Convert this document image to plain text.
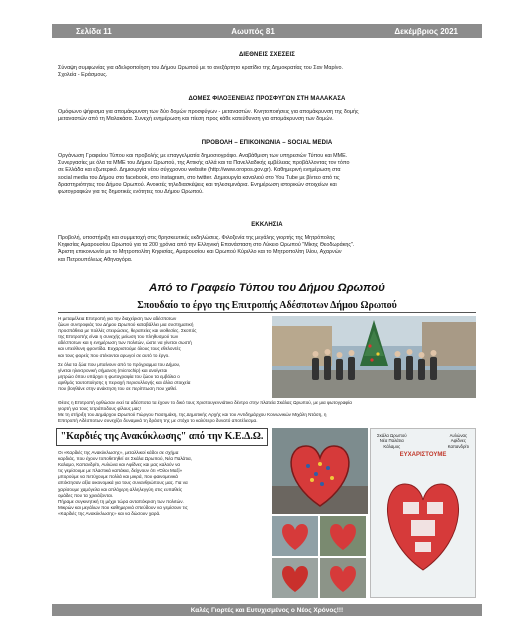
Σελίδα 11	Αωυπός 81	Δεκέμβριος 2021

ΔΙΕΘΝΕΙΣ ΣΧΕΣΕΙΣ

Σύναψη συμφωνίας για αδελφοποίηση του Δήμου Ωρωπού με το ανεξάρτητο κρατίδιο της Δημοκρατίας του Σαν Μαρίνο.

Σχολεία - Εράσμους.

ΔΟΜΕΣ ΦΙΛΟΞΕΝΕΙΑΣ ΠΡΟΣΦΥΓΩΝ ΣΤΗ ΜΑΛΑΚΑΣΑ

Ομόφωνο ψήφισμα για απομάκρυνση των δύο δομών προσφύγων - μεταναστών. Κινητοποιήσεις για απομάκρυνση της δομής

μεταναστών από τη Μαλακάσα. Συνεχή ενημέρωση και πίεση προς κάθε κατεύθυνση για απομάκρυνση των δομών.

ΠΡΟΒΟΛΗ – ΕΠΙΚΟΙΝΩΝΙΑ – SOCIAL MEDIA

Οργάνωση Γραφείου Τύπου και προβολής με επαγγελματία δημοσιογράφο. Αναβάθμιση των υπηρεσιών Τύπου και ΜΜΕ.

Συνεργασίες με όλα τα ΜΜΕ του Δήμου Ωρωπού, της Αττικής αλλά και τα Πανελλαδικής εμβέλειας προβάλλοντας τον τόπο

σε Ελλάδα και εξωτερικό. Δημιουργία νέου σύγχρονου website (http://www.oropos.gov.gr). Καθημερινή ενημέρωση στα

social media του Δήμου στο facebook, στο instagram, στο twitter. Δημιουργία καναλιού στο You Tube με βίντεο από τις

δραστηριότητες του Δήμου Ωρωπού. Ανοικτές τηλεδιασκέψεις και τηλεσεμινάρια. Ενημέρωση ιστορικών στοιχείων και

φωτογραφιών για τις δημοτικές ενότητες του Δήμου Ωρωπού.

ΕΚΚΛΗΣΙΑ

Προβολή, υποστήριξη και συμμετοχή στις θρησκευτικές εκδηλώσεις. Φιλοξενία της μεγάλης γιορτής της Μητρόπολης

Κηφισίας Αμαρουσίου Ωρωπού για τα 200 χρόνια από την Ελληνική Επανάσταση στο Λύκειο Ωρωπού "Μίκης Θεοδωράκης".

Άριστη επικοινωνία με το Μητροπολίτη Κηφισίας, Αμαρουσίου και Ωρωπού Κύριλλο και το Μητροπολίτη Ιλίου, Αχαρνών

και Πετρουπόλεως Αθηναγόρα.

Από το Γραφείο Τύπου του Δήμου Ωρωπού
Σπουδαίο το έργο της Επιτροπής Αδέσποτων Δήμου Ωρωπού
Η μεταμέλεια Επιτροπή για την διαχείριση των αδέσποτων
ζώων συντροφιάς του Δήμου Ωρωπού καταβάλλει μια συστηματική
προσπάθεια με πολλές στειρώσεις, θεραπείες και υιοθεσίες. Σκοπός
της Επιτροπής είναι η συνεχής μείωση του πληθυσμού των
αδέσποτων και η ενημέρωση των πολιτών, ώστε να γίνεται σωστή
και υπεύθυνη φροντίδα. Ευχαριστούμε όλους τους εθελοντές
και τους φορείς που στέκονται αρωγοί σε αυτό το έργο.
Σε όλα τα ζώα που μπαίνουν από το πρόγραμμα του Δήμου,
γίνεται ηλεκτρονική σήμανση (microchip) και ανοίγεται
μητρώο όπου υπάρχει η φωτογραφία του ζώου τα εμβόλια ο
αριθμός ταυτοποίησης η περιοχή περισυλλογής και άλλα στοιχεία
που βοηθάνε στην ανάκτηση του σε περίπτωση που χαθεί.
Θέσις η Επιτροπή ορθώσαν εκεί τα αδέσποτα τα έχουν το δικό τους Χριστουγεννιάτικο δέντρο στην πλατεία Σκάλας Ωρωπού, με μια φωτογραφία
γιορτή για τους τετράποδους φίλους μας!
Με τη στήριξη του Δημάρχου Ωρωπού Γιώργου Γιασημάκη, της Δημοτικής Αρχής και του Αντιδημάρχου Κοινωνικών Μιχάλη Ντάση, η
Επιτροπή Αδέσποτων συνεχίζει δυναμικά τη δράση της με στόχο το καλύτερο δυνατό αποτέλεσμα.
"Καρδιές της Ανακύκλωσης" από την Κ.Ε.Δ.Ω.
Οι «Καρδιές της Ανακύκλωσης», μεταλλικοί κάδοι σε σχήμα
καρδιάς, που έχουν τοποθετηθεί σε Σκάλα Ωρωπού, Νέα Παλάτια,
Καλαμο, Καπανδρίτι, Αυλώνα και Αφίδνες και μας καλούν να
τις γεμίσουμε με πλαστικά καπάκια, δείχνουν ότι «Όλοι Μαζί»
μπορούμε να πετύχουμε πολλά και μικρά, που φαινομενικά
απόκτησαν αξία οικονομικά για τους συνανθρώπους μας. Για να
χαρίσουμε χαμόγελα και απλόχερη αλληλεγγύη στις ευπαθείς
ομάδες που τα χρειάζονται.
Πήραμε συγκινητική τη μέχρι τώρα ανταπόκριση των πολιτών.
Μικρών και μεγάλων που καθημερινά σπεύδουν να γεμίσουν τις
«Καρδιές της Ανακύκλωσης» και να δώσουν χαρά.
Σκάλα Ωρωπού
Νέα Παλάτια
Κάλαμος
Αυλώνας
Αφίδνες
Καπανδρίτι
ΕΥΧΑΡΙΣΤΟΥΜΕ
Καλές Γιορτές και Ευτυχισμένος ο Νέος Χρόνος!!!
